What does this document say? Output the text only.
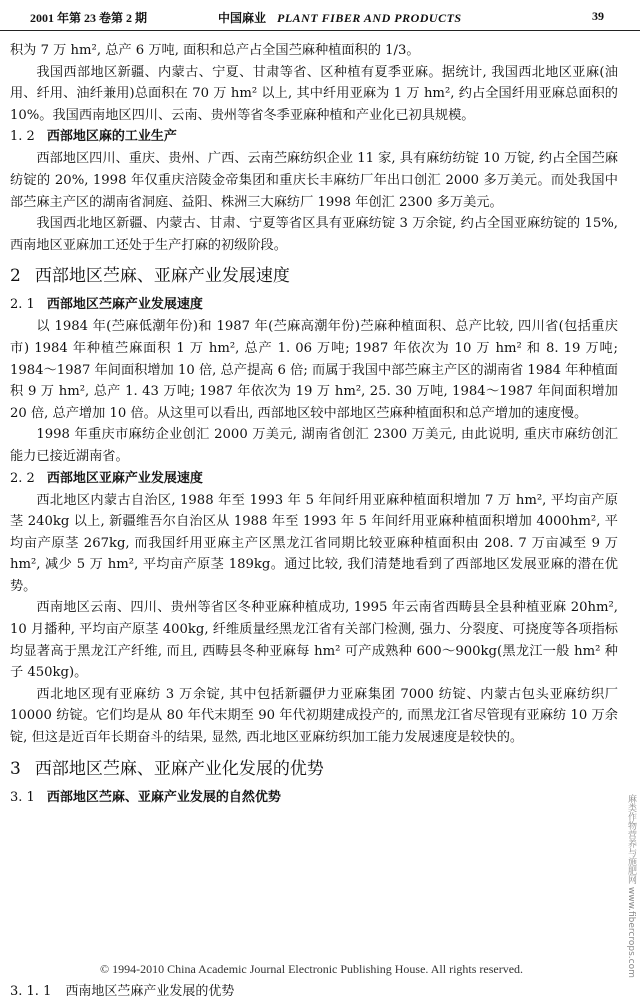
2001 年第 23 卷第 2 期	中国麻业 PLANT FIBER AND PRODUCTS	39

积为 7 万 hm², 总产 6 万吨, 面积和总产占全国苎麻种植面积的 1/3。

我国西部地区新疆、内蒙古、宁夏、甘肃等省、区种植有夏季亚麻。据统计, 我国西北地区亚麻(油用、纤用、油纤兼用)总面积在 70 万 hm² 以上, 其中纤用亚麻为 1 万 hm², 约占全国纤用亚麻总面积的 10%。我国西南地区四川、云南、贵州等省冬季亚麻种植和产业化已初具规模。

1. 2 西部地区麻的工业生产

西部地区四川、重庆、贵州、广西、云南苎麻纺织企业 11 家, 具有麻纺纺锭 10 万锭, 约占全国苎麻纺锭的 20%, 1998 年仅重庆涪陵金帝集团和重庆长丰麻纺厂年出口创汇 2000 多万美元。而处我国中部苎麻主产区的湖南省洞庭、益阳、株洲三大麻纺厂 1998 年创汇 2300 多万美元。

我国西北地区新疆、内蒙古、甘肃、宁夏等省区具有亚麻纺锭 3 万余锭, 约占全国亚麻纺锭的 15%, 西南地区亚麻加工还处于生产打麻的初级阶段。

2 西部地区苎麻、亚麻产业发展速度
2. 1 西部地区苎麻产业发展速度

以 1984 年(苎麻低潮年份)和 1987 年(苎麻高潮年份)苎麻种植面积、总产比较, 四川省(包括重庆市) 1984 年种植苎麻面积 1 万 hm², 总产 1. 06 万吨; 1987 年依次为 10 万 hm² 和 8. 19 万吨; 1984～1987 年间面积增加 10 倍, 总产提高 6 倍; 而属于我国中部苎麻主产区的湖南省 1984 年种植面积 9 万 hm², 总产 1. 43 万吨; 1987 年依次为 19 万 hm², 25. 30 万吨, 1984～1987 年间面积增加 20 倍, 总产增加 10 倍。从这里可以看出, 西部地区较中部地区苎麻种植面积和总产增加的速度慢。

1998 年重庆市麻纺企业创汇 2000 万美元, 湖南省创汇 2300 万美元, 由此说明, 重庆市麻纺创汇能力已接近湖南省。

2. 2 西部地区亚麻产业发展速度

西北地区内蒙古自治区, 1988 年至 1993 年 5 年间纤用亚麻种植面积增加 7 万 hm², 平均亩产原茎 240kg 以上, 新疆维吾尔自治区从 1988 年至 1993 年 5 年间纤用亚麻种植面积增加 4000hm², 平均亩产原茎 267kg, 而我国纤用亚麻主产区黑龙江省同期比较亚麻种植面积由 208. 7 万亩减至 9 万 hm², 减少 5 万 hm², 平均亩产原茎 189kg。通过比较, 我们清楚地看到了西部地区发展亚麻的潜在优势。

西南地区云南、四川、贵州等省区冬种亚麻种植成功, 1995 年云南省西畴县全县种植亚麻 20hm², 10 月播种, 平均亩产原茎 400kg, 纤维质量经黑龙江省有关部门检测, 强力、分裂度、可挠度等各项指标均显著高于黑龙江产纤维, 而且, 西畴县冬种亚麻每 hm² 可产成熟种 600～900kg(黑龙江一般 hm² 种子 450kg)。

西北地区现有亚麻纺 3 万余锭, 其中包括新疆伊力亚麻集团 7000 纺锭、内蒙古包头亚麻纺织厂 10000 纺锭。它们均是从 80 年代末期至 90 年代初期建成投产的, 而黑龙江省尽管现有亚麻纺 10 万余锭, 但这是近百年长期奋斗的结果, 显然, 西北地区亚麻纺织加工能力发展速度是较快的。

3 西部地区苎麻、亚麻产业化发展的优势
3. 1 西部地区苎麻、亚麻产业发展的自然优势
© 1994-2010 China Academic Journal Electronic Publishing House. All rights reserved.
3. 1. 1 西南地区苎麻产业发展的优势
麻类作物营养与施肥网 www.fibercrops.com
